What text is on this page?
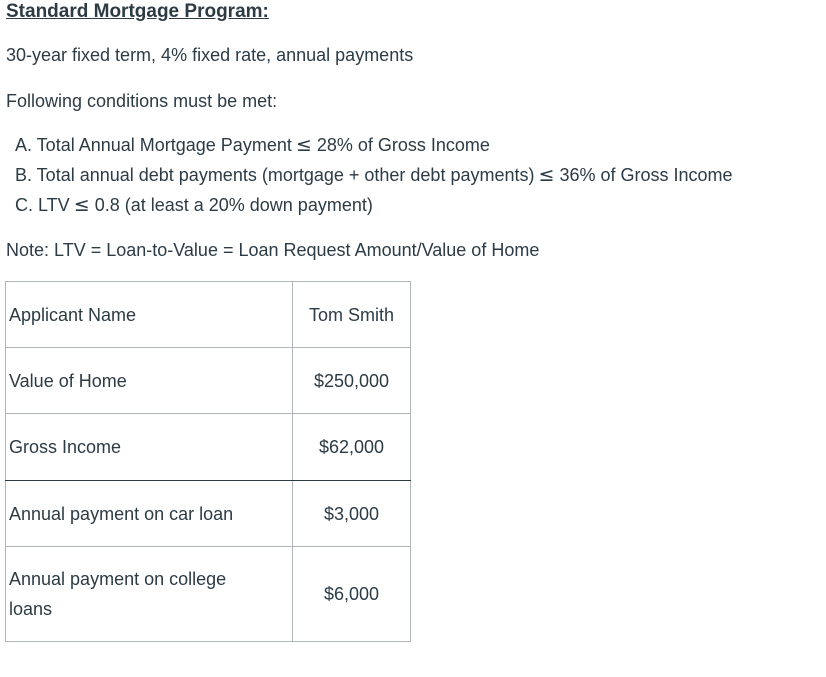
Standard Mortgage Program:
30-year fixed term, 4% fixed rate, annual payments
Following conditions must be met:
A. Total Annual Mortgage Payment ≤ 28% of Gross Income
B. Total annual debt payments (mortgage + other debt payments) ≤ 36% of Gross Income
C. LTV ≤ 0.8 (at least a 20% down payment)
Note: LTV = Loan-to-Value = Loan Request Amount/Value of Home
Applicant Name	Tom Smith
Value of Home	$250,000
Gross Income	$62,000
Annual payment on car loan	$3,000
Annual payment on college loans	$6,000
